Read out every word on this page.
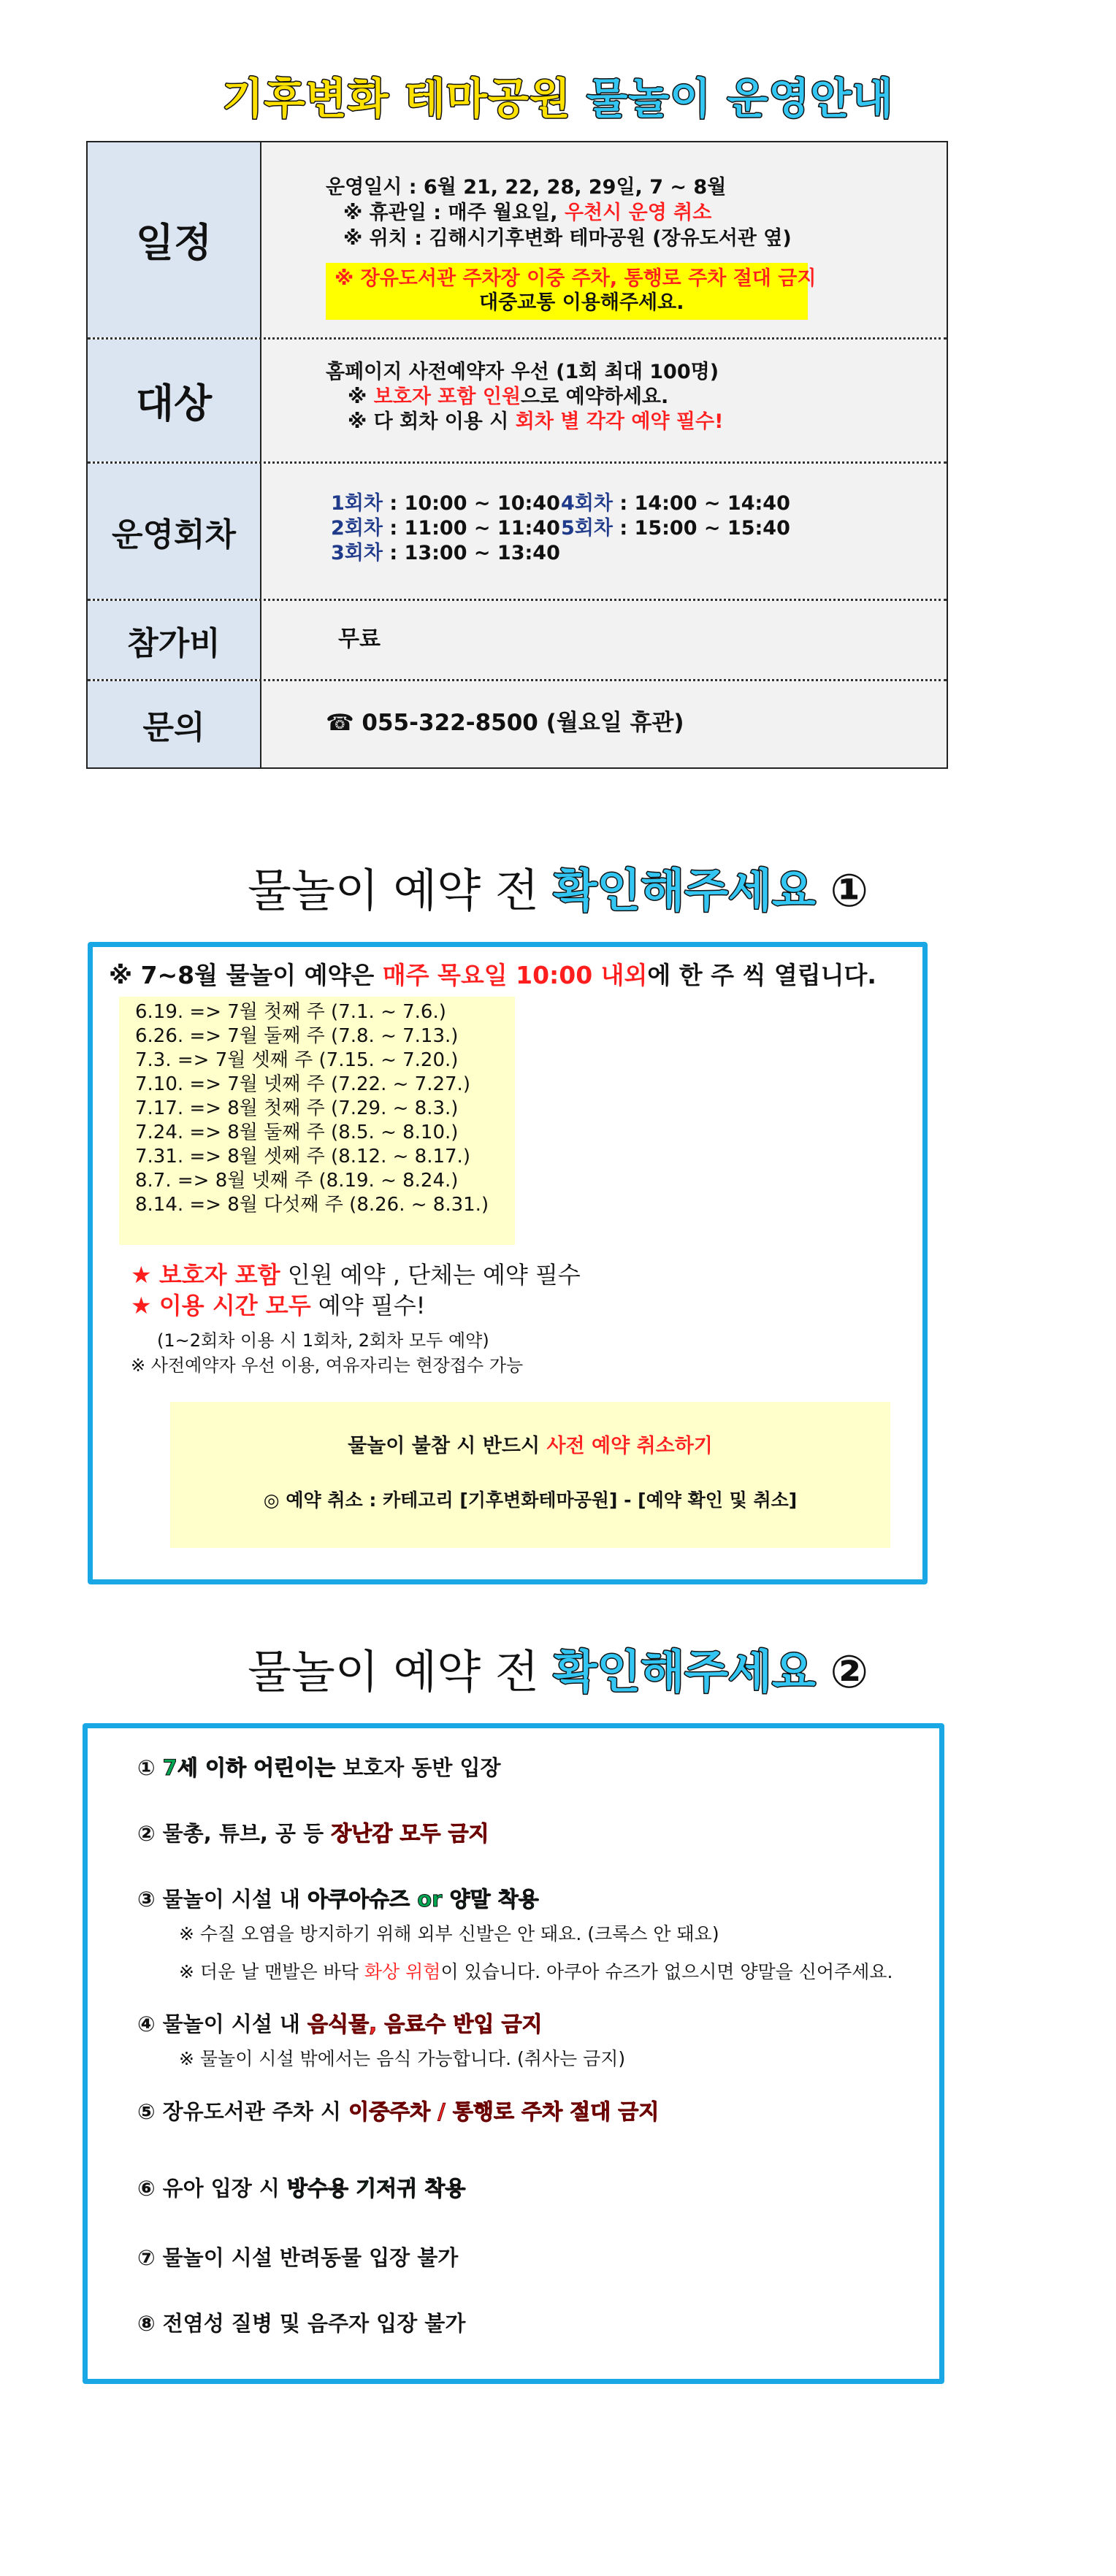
기후변화 테마공원 물놀이 운영안내
일정
운영일시 : 6월 21, 22, 28, 29일, 7 ~ 8월
※ 휴관일 : 매주 월요일, 우천시 운영 취소
※ 위치 : 김해시기후변화 테마공원 (장유도서관 옆)
※ 장유도서관 주차장 이중 주차, 통행로 주차 절대 금지
대중교통 이용해주세요.
대상
홈페이지 사전예약자 우선 (1회 최대 100명)
※ 보호자 포함 인원으로 예약하세요.
※ 다 회차 이용 시 회차 별 각각 예약 필수!
운영회차
1회차 : 10:00 ~ 10:40
2회차 : 11:00 ~ 11:40
3회차 : 13:00 ~ 13:40
4회차 : 14:00 ~ 14:40
5회차 : 15:00 ~ 15:40
참가비	무료
문의	☎ 055-322-8500 (월요일 휴관)
물놀이 예약 전 확인해주세요 ①
※ 7~8월 물놀이 예약은 매주 목요일 10:00 내외에 한 주 씩 열립니다.
6.19. => 7월 첫째 주 (7.1. ~ 7.6.)
6.26. => 7월 둘째 주 (7.8. ~ 7.13.)
7.3. => 7월 셋째 주 (7.15. ~ 7.20.)
7.10. => 7월 넷째 주 (7.22. ~ 7.27.)
7.17. => 8월 첫째 주 (7.29. ~ 8.3.)
7.24. => 8월 둘째 주 (8.5. ~ 8.10.)
7.31. => 8월 셋째 주 (8.12. ~ 8.17.)
8.7. => 8월 넷째 주 (8.19. ~ 8.24.)
8.14. => 8월 다섯째 주 (8.26. ~ 8.31.)
★ 보호자 포함 인원 예약 , 단체는 예약 필수
★ 이용 시간 모두 예약 필수!
(1~2회차 이용 시 1회차, 2회차 모두 예약)
※ 사전예약자 우선 이용, 여유자리는 현장접수 가능
물놀이 불참 시 반드시 사전 예약 취소하기
◎ 예약 취소 : 카테고리 [기후변화테마공원] - [예약 확인 및 취소]
물놀이 예약 전 확인해주세요 ②
① 7세 이하 어린이는 보호자 동반 입장
② 물총, 튜브, 공 등 장난감 모두 금지
③ 물놀이 시설 내 아쿠아슈즈 or 양말 착용
※ 수질 오염을 방지하기 위해 외부 신발은 안 돼요. (크록스 안 돼요)
※ 더운 날 맨발은 바닥 화상 위험이 있습니다. 아쿠아 슈즈가 없으시면 양말을 신어주세요.
④ 물놀이 시설 내 음식물, 음료수 반입 금지
※ 물놀이 시설 밖에서는 음식 가능합니다. (취사는 금지)
⑤ 장유도서관 주차 시 이중주차 / 통행로 주차 절대 금지
⑥ 유아 입장 시 방수용 기저귀 착용
⑦ 물놀이 시설 반려동물 입장 불가
⑧ 전염성 질병 및 음주자 입장 불가
